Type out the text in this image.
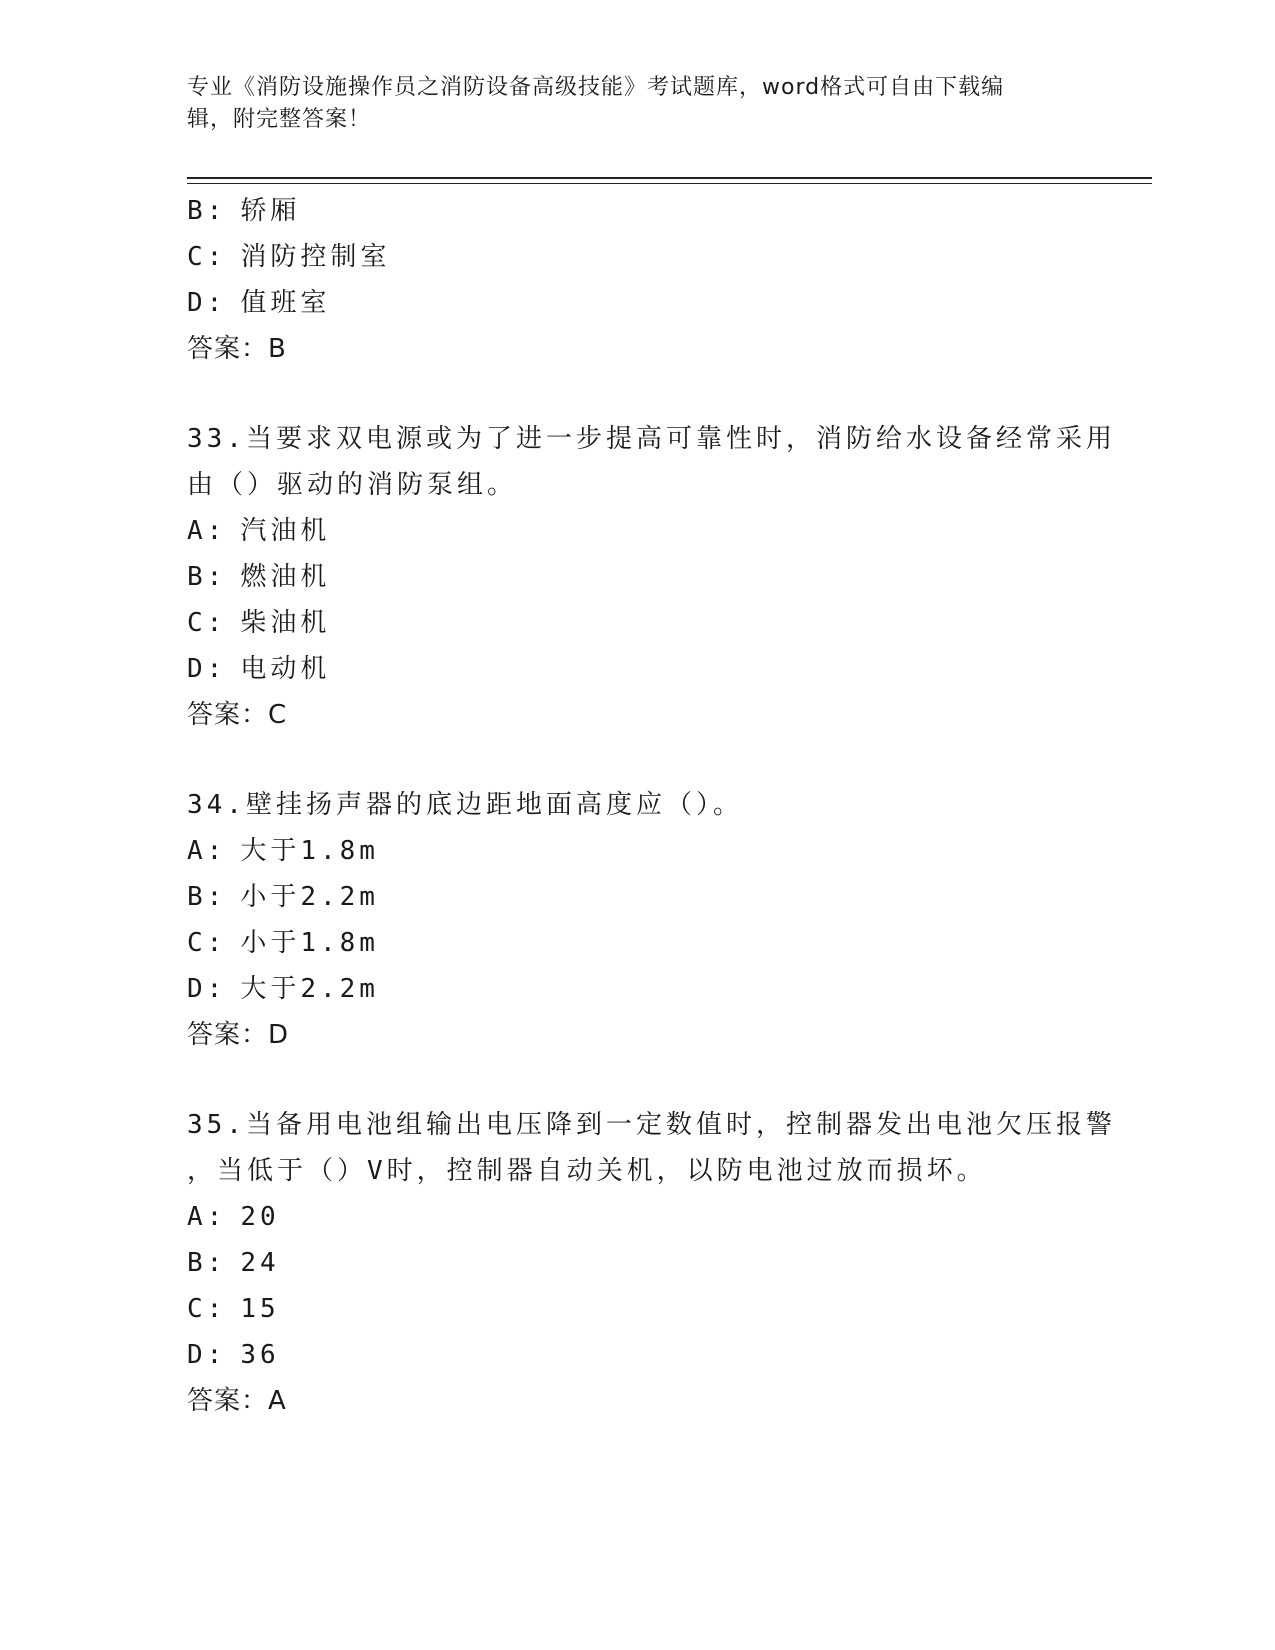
专业《消防设施操作员之消防设备高级技能》考试题库，word格式可自由下载编
辑，附完整答案！
B: 轿厢
C: 消防控制室
D: 值班室
答案：B
33.当要求双电源或为了进一步提高可靠性时，消防给水设备经常采用
由（）驱动的消防泵组。
A: 汽油机
B: 燃油机
C: 柴油机
D: 电动机
答案：C
34.壁挂扬声器的底边距地面高度应（）。
A: 大于1.8m
B: 小于2.2m
C: 小于1.8m
D: 大于2.2m
答案：D
35.当备用电池组输出电压降到一定数值时，控制器发出电池欠压报警
，当低于（）V时，控制器自动关机，以防电池过放而损坏。
A: 20
B: 24
C: 15
D: 36
答案：A
